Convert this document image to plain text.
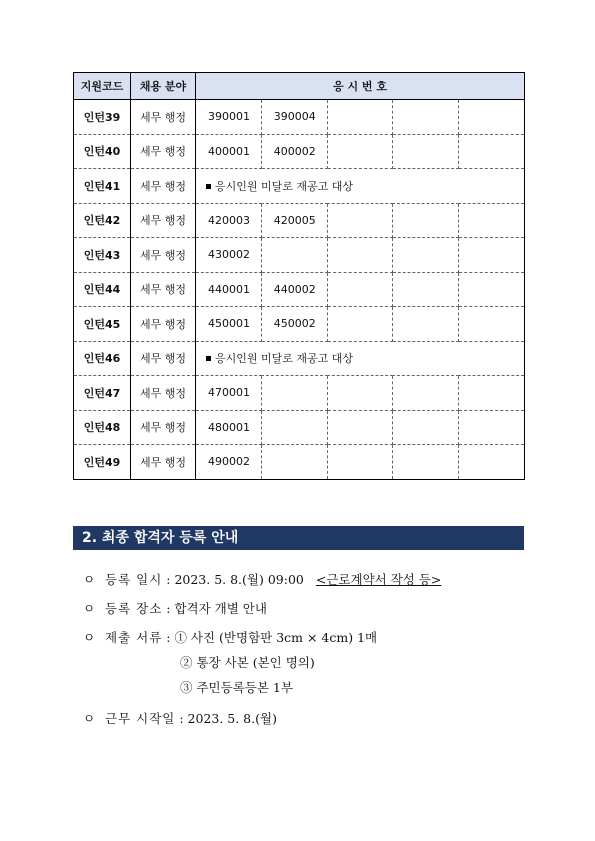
지원코드	채용 분야	응 시 번 호				
인턴39	세무 행정	390001	390004			
인턴40	세무 행정	400001	400002			
인턴41	세무 행정	응시인원 미달로 재공고 대상				
인턴42	세무 행정	420003	420005			
인턴43	세무 행정	430002				
인턴44	세무 행정	440001	440002			
인턴45	세무 행정	450001	450002			
인턴46	세무 행정	응시인원 미달로 재공고 대상				
인턴47	세무 행정	470001				
인턴48	세무 행정	480001				
인턴49	세무 행정	490002				
2. 최종 합격자 등록 안내
ㅇ 등록 일시 : 2023. 5. 8.(월) 09:00 <근로계약서 작성 등>
ㅇ 등록 장소 : 합격자 개별 안내
ㅇ 제출 서류 : ① 사진 (반명함판 3cm × 4cm) 1매
② 통장 사본 (본인 명의)
③ 주민등록등본 1부
ㅇ 근무 시작일 : 2023. 5. 8.(월)
